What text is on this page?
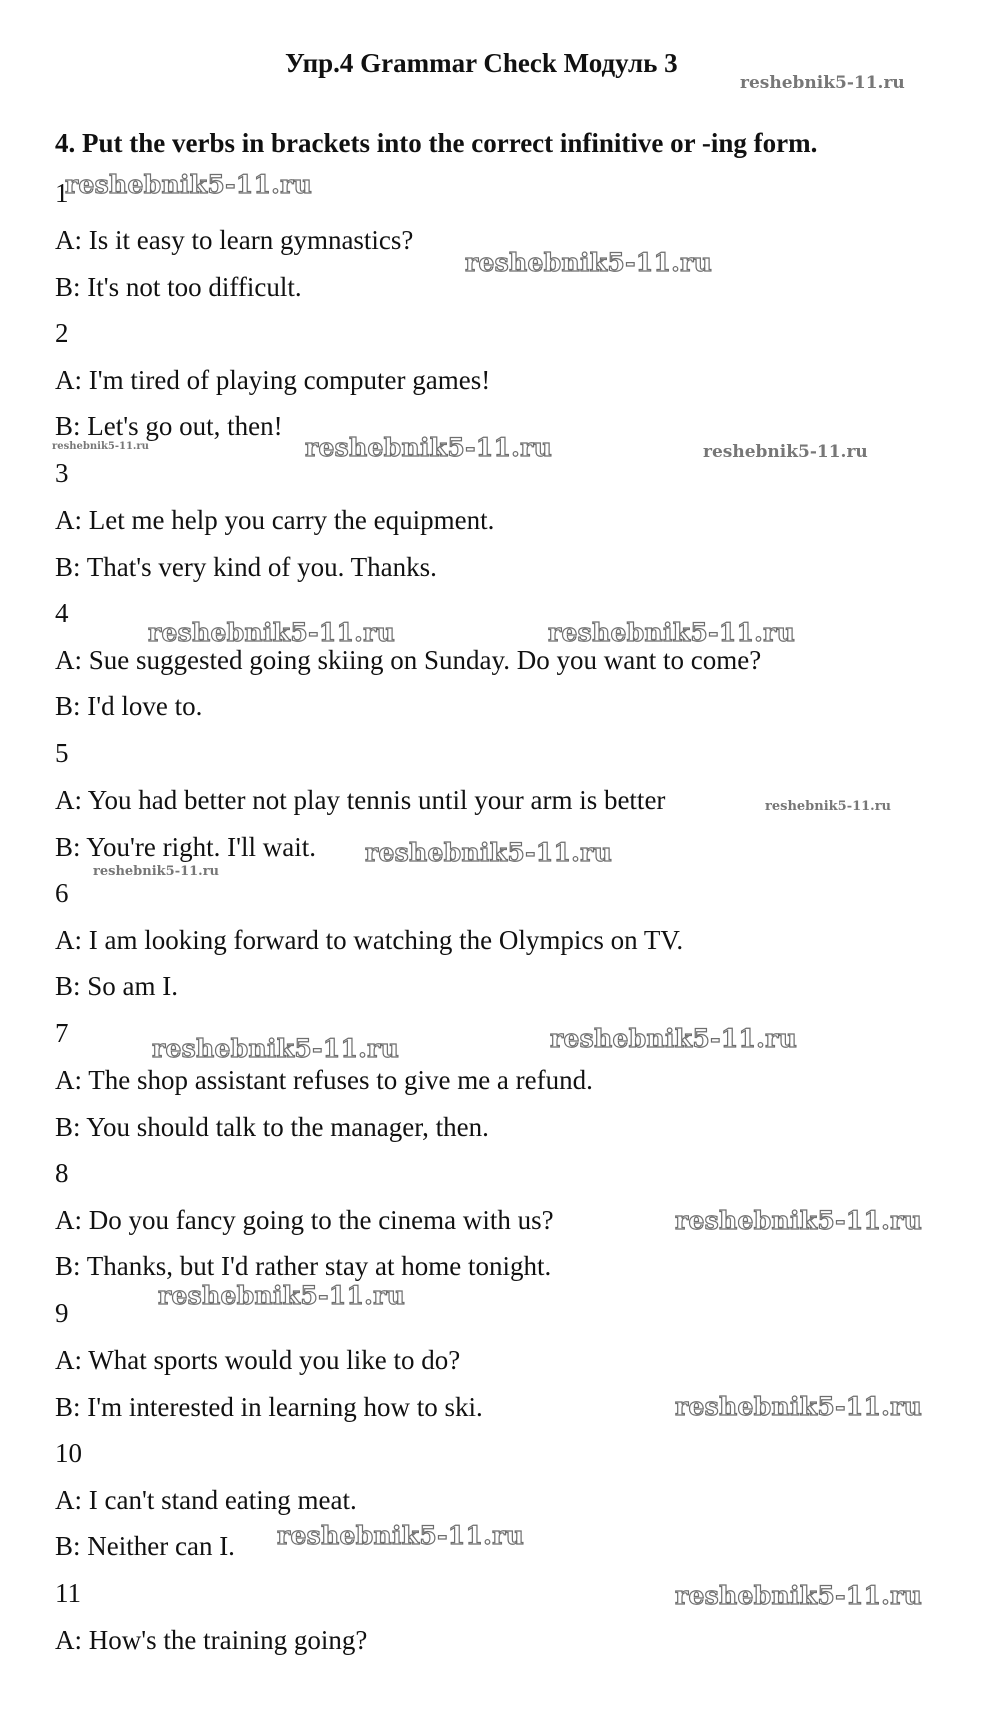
Упр.4 Grammar Check Модуль 3
reshebnik5-11.ru
4. Put the verbs in brackets into the correct infinitive or -ing form.
1
A: Is it easy to learn gymnastics?
B: It's not too difficult.
2
A: I'm tired of playing computer games!
B: Let's go out, then!
3
A: Let me help you carry the equipment.
B: That's very kind of you. Thanks.
4
A: Sue suggested going skiing on Sunday. Do you want to come?
B: I'd love to.
5
A: You had better not play tennis until your arm is better
B: You're right. I'll wait.
6
A: I am looking forward to watching the Olympics on TV.
B: So am I.
7
A: The shop assistant refuses to give me a refund.
B: You should talk to the manager, then.
8
A: Do you fancy going to the cinema with us?
B: Thanks, but I'd rather stay at home tonight.
9
A: What sports would you like to do?
B: I'm interested in learning how to ski.
10
A: I can't stand eating meat.
B: Neither can I.
11
A: How's the training going?
reshebnik5-11.ru
reshebnik5-11.ru
reshebnik5-11.ru
reshebnik5-11.ru	reshebnik5-11.ru
reshebnik5-11.ru
reshebnik5-11.ru	reshebnik5-11.ru
reshebnik5-11.ru
reshebnik5-11.ru
reshebnik5-11.ru
reshebnik5-11.ru
reshebnik5-11.ru
reshebnik5-11.ru	reshebnik5-11.ru
reshebnik5-11.ru
reshebnik5-11.ru
